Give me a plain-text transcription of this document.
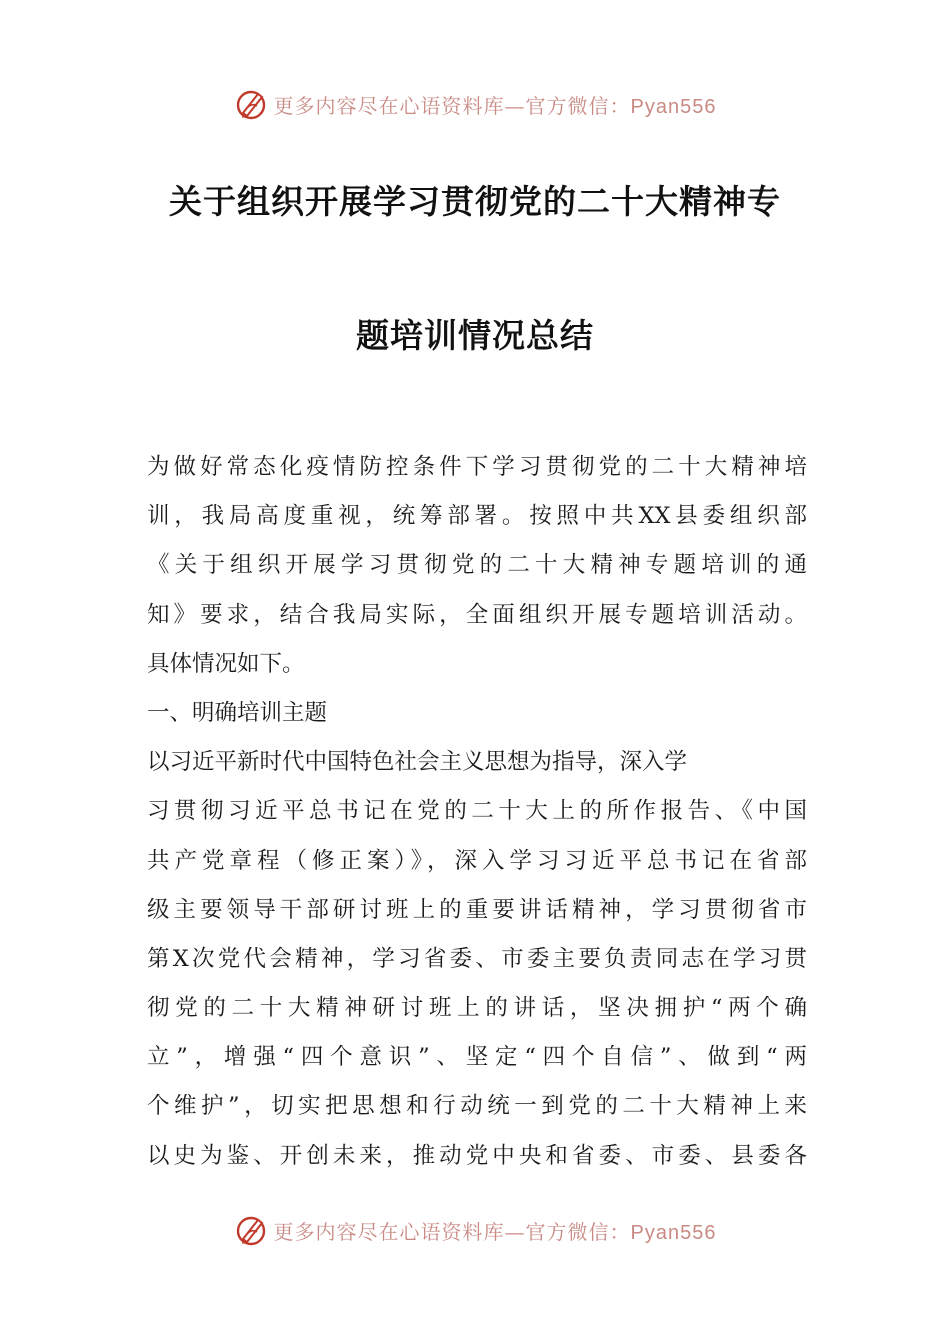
更多内容尽在心语资料库—官方微信：Pyan556
关于组织开展学习贯彻党的二十大精神专
题培训情况总结
为做好常态化疫情防控条件下学习贯彻党的二十大精神培
训，我局高度重视，统筹部署。按照中共XX县委组织部
《关于组织开展学习贯彻党的二十大精神专题培训的通
知》要求，结合我局实际，全面组织开展专题培训活动。
具体情况如下。
一、明确培训主题
以习近平新时代中国特色社会主义思想为指导，深入学
习贯彻习近平总书记在党的二十大上的所作报告、《中国
共产党章程（修正案）》，深入学习习近平总书记在省部
级主要领导干部研讨班上的重要讲话精神，学习贯彻省市
第X次党代会精神，学习省委、市委主要负责同志在学习贯
彻党的二十大精神研讨班上的讲话，坚决拥护“两个确
立”，增强“四个意识”、坚定“四个自信”、做到“两
个维护”，切实把思想和行动统一到党的二十大精神上来
以史为鉴、开创未来，推动党中央和省委、市委、县委各
更多内容尽在心语资料库—官方微信：Pyan556
